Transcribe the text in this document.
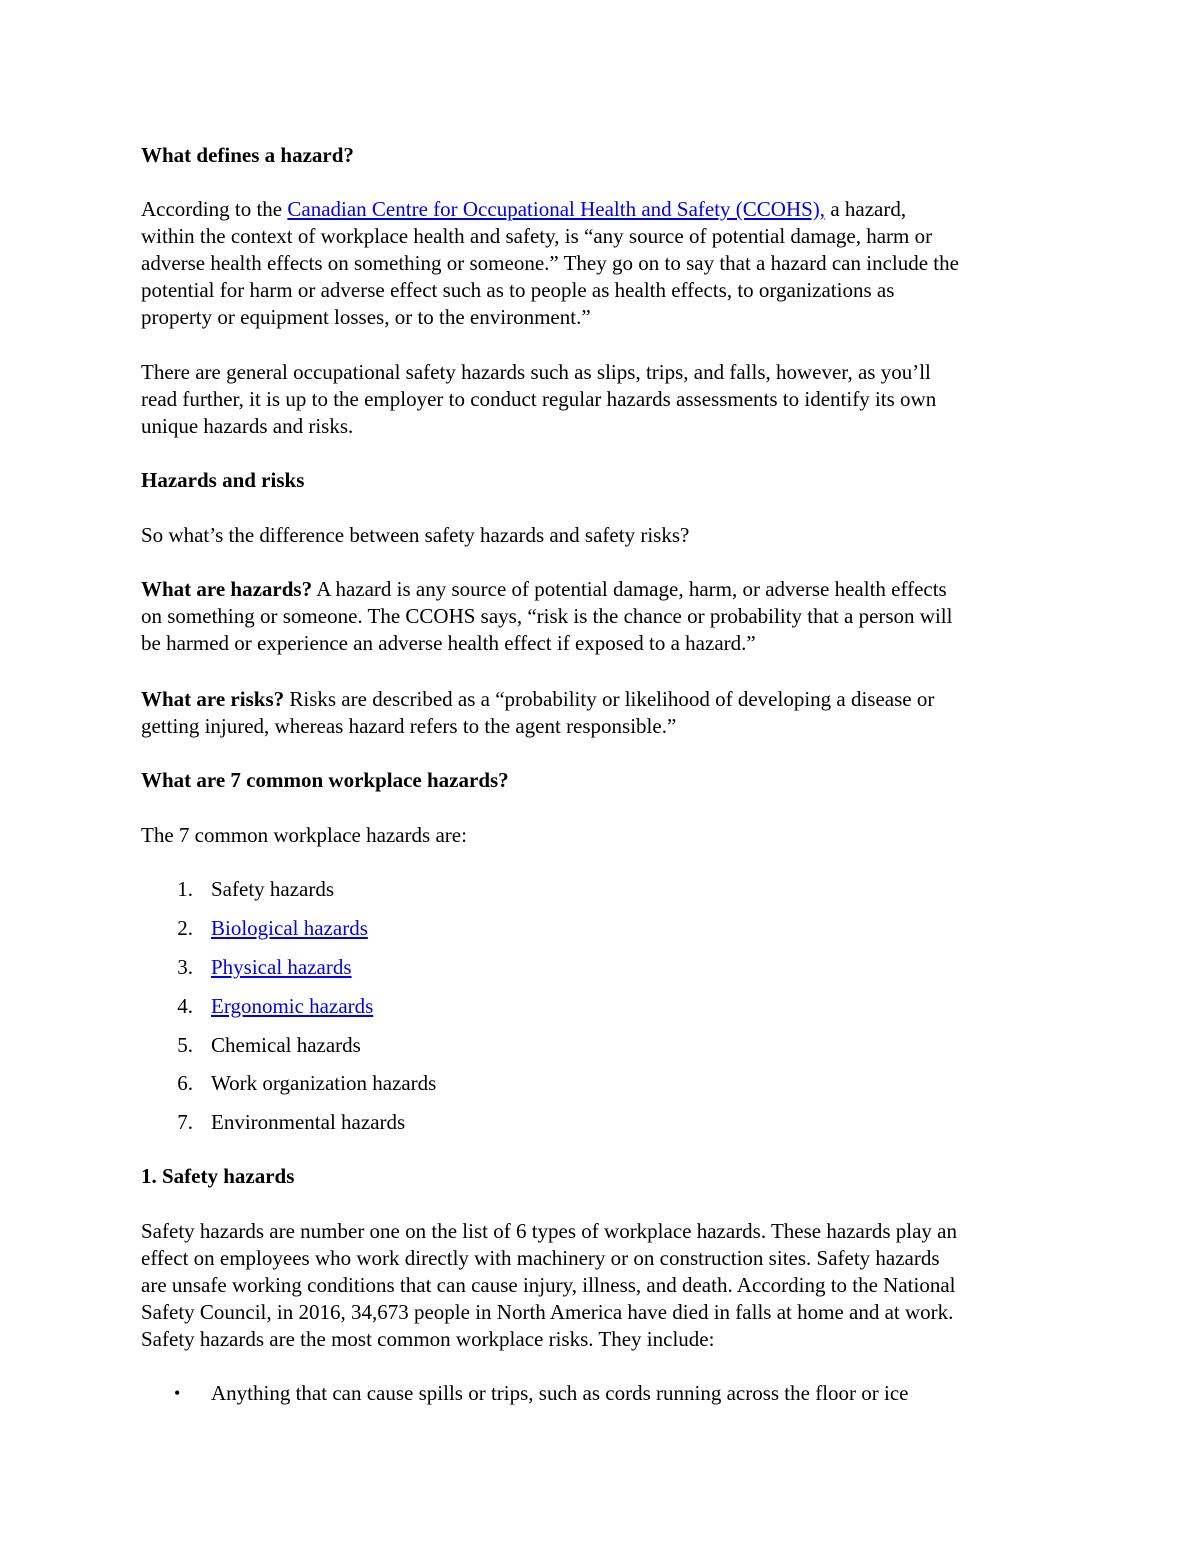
What defines a hazard?
According to the Canadian Centre for Occupational Health and Safety (CCOHS), a hazard,
within the context of workplace health and safety, is “any source of potential damage, harm or
adverse health effects on something or someone.” They go on to say that a hazard can include the
potential for harm or adverse effect such as to people as health effects, to organizations as
property or equipment losses, or to the environment.”
There are general occupational safety hazards such as slips, trips, and falls, however, as you’ll
read further, it is up to the employer to conduct regular hazards assessments to identify its own
unique hazards and risks.
Hazards and risks
So what’s the difference between safety hazards and safety risks?
What are hazards? A hazard is any source of potential damage, harm, or adverse health effects
on something or someone. The CCOHS says, “risk is the chance or probability that a person will
be harmed or experience an adverse health effect if exposed to a hazard.”
What are risks? Risks are described as a “probability or likelihood of developing a disease or
getting injured, whereas hazard refers to the agent responsible.”
What are 7 common workplace hazards?
The 7 common workplace hazards are:
1. Safety hazards
2. Biological hazards
3. Physical hazards
4. Ergonomic hazards
5. Chemical hazards
6. Work organization hazards
7. Environmental hazards
1. Safety hazards
Safety hazards are number one on the list of 6 types of workplace hazards. These hazards play an
effect on employees who work directly with machinery or on construction sites. Safety hazards
are unsafe working conditions that can cause injury, illness, and death. According to the National
Safety Council, in 2016, 34,673 people in North America have died in falls at home and at work.
Safety hazards are the most common workplace risks. They include:
• Anything that can cause spills or trips, such as cords running across the floor or ice
